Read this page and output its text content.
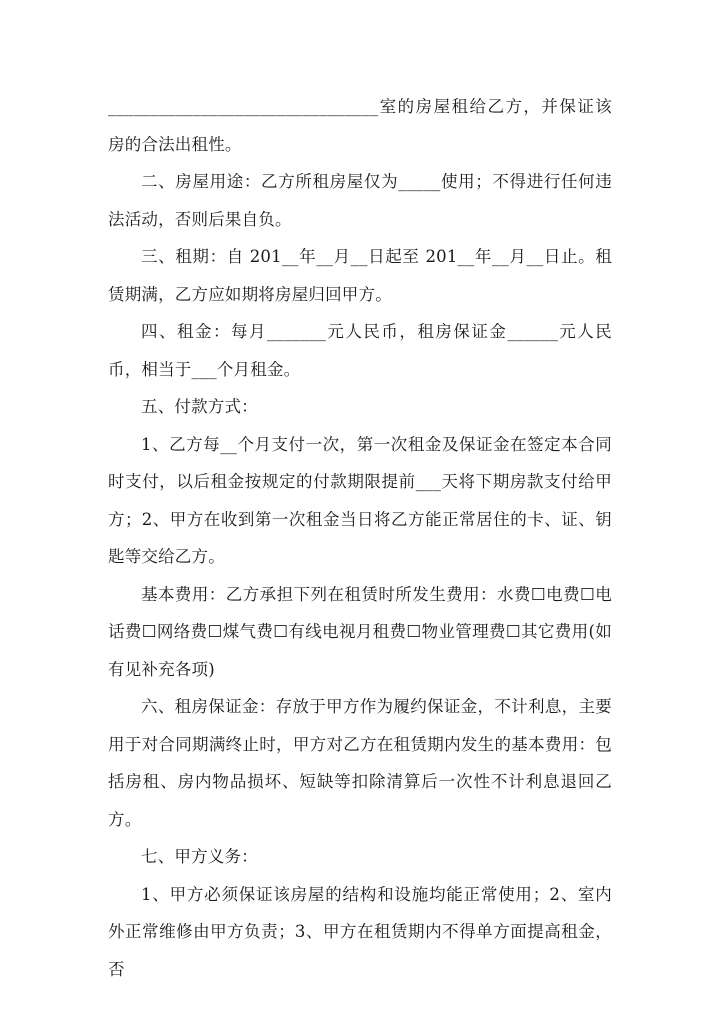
________________________________室的房屋租给乙方，并保证该房的合法出租性。

二、房屋用途：乙方所租房屋仅为_____使用；不得进行任何违法活动，否则后果自负。

三、租期：自 201__年__月__日起至 201__年__月__日止。租赁期满，乙方应如期将房屋归回甲方。

四、租金：每月_______元人民币，租房保证金______元人民币，相当于___个月租金。

五、付款方式：

1、乙方每__个月支付一次，第一次租金及保证金在签定本合同时支付，以后租金按规定的付款期限提前___天将下期房款支付给甲方；2、甲方在收到第一次租金当日将乙方能正常居住的卡、证、钥匙等交给乙方。

基本费用：乙方承担下列在租赁时所发生费用：水费☐电费☐电话费☐网络费☐煤气费☐有线电视月租费☐物业管理费☐其它费用(如有见补充各项)

六、租房保证金：存放于甲方作为履约保证金，不计利息，主要用于对合同期满终止时，甲方对乙方在租赁期内发生的基本费用：包括房租、房内物品损坏、短缺等扣除清算后一次性不计利息退回乙方。

七、甲方义务：

1、甲方必须保证该房屋的结构和设施均能正常使用；2、室内外正常维修由甲方负责；3、甲方在租赁期内不得单方面提高租金，否
